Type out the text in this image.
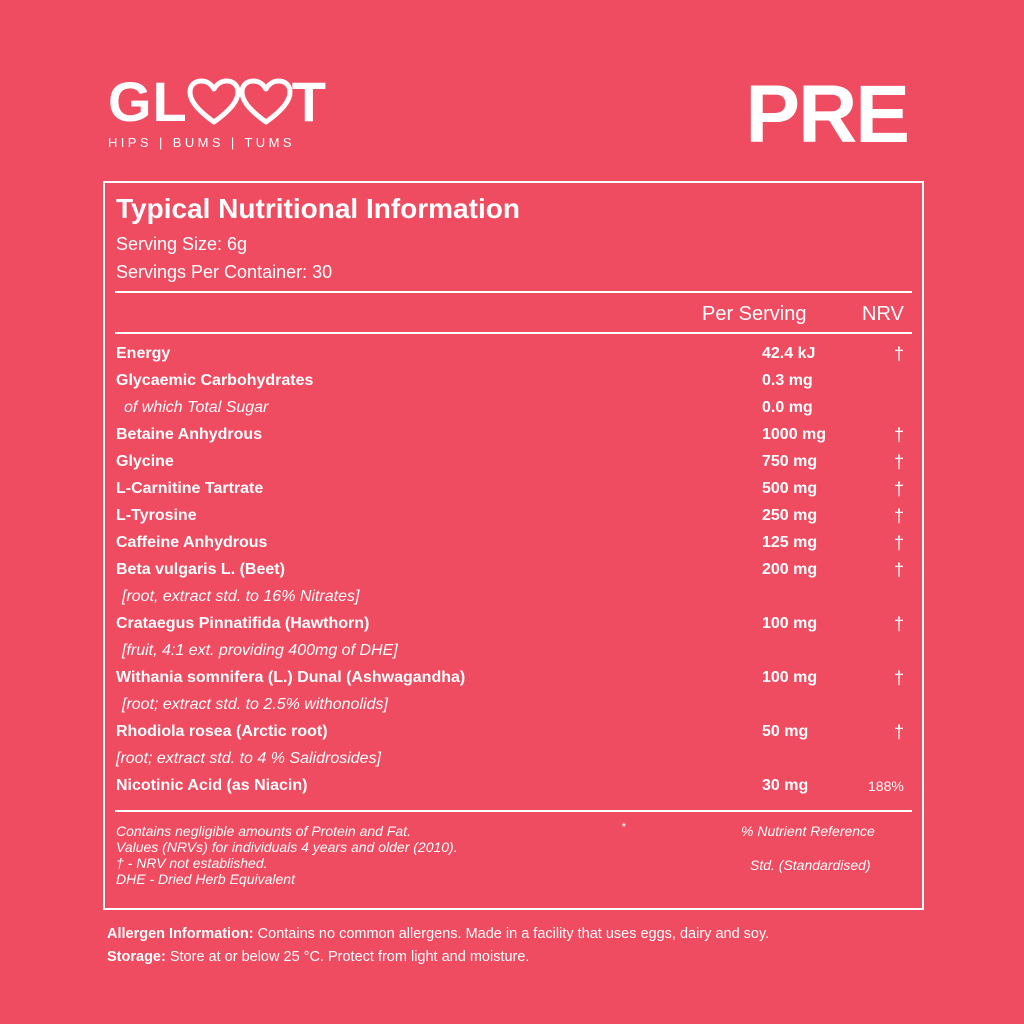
GL T
HIPS | BUMS | TUMS	PRE
Typical Nutritional Information
Serving Size: 6g
Servings Per Container: 30
Per Serving	NRV
Energy	42.4 kJ	†
Glycaemic Carbohydrates	0.3 mg
of which Total Sugar	0.0 mg
Betaine Anhydrous	1000 mg	†
Glycine	750 mg	†
L-Carnitine Tartrate	500 mg	†
L-Tyrosine	250 mg	†
Caffeine Anhydrous	125 mg	†
Beta vulgaris L. (Beet)	200 mg	†
[root, extract std. to 16% Nitrates]
Crataegus Pinnatifida (Hawthorn)	100 mg	†
[fruit, 4:1 ext. providing 400mg of DHE]
Withania somnifera (L.) Dunal (Ashwagandha)	100 mg	†
[root; extract std. to 2.5% withonolids]
Rhodiola rosea (Arctic root)	50 mg	†
[root; extract std. to 4 % Salidrosides]
Nicotinic Acid (as Niacin)	30 mg	188%
Contains negligible amounts of Protein and Fat.
Values (NRVs) for individuals 4 years and older (2010).
† - NRV not established.
DHE - Dried Herb Equivalent
*	% Nutrient Reference
Std. (Standardised)
Allergen Information: Contains no common allergens. Made in a facility that uses eggs, dairy and soy.
Storage: Store at or below 25 °C. Protect from light and moisture.
